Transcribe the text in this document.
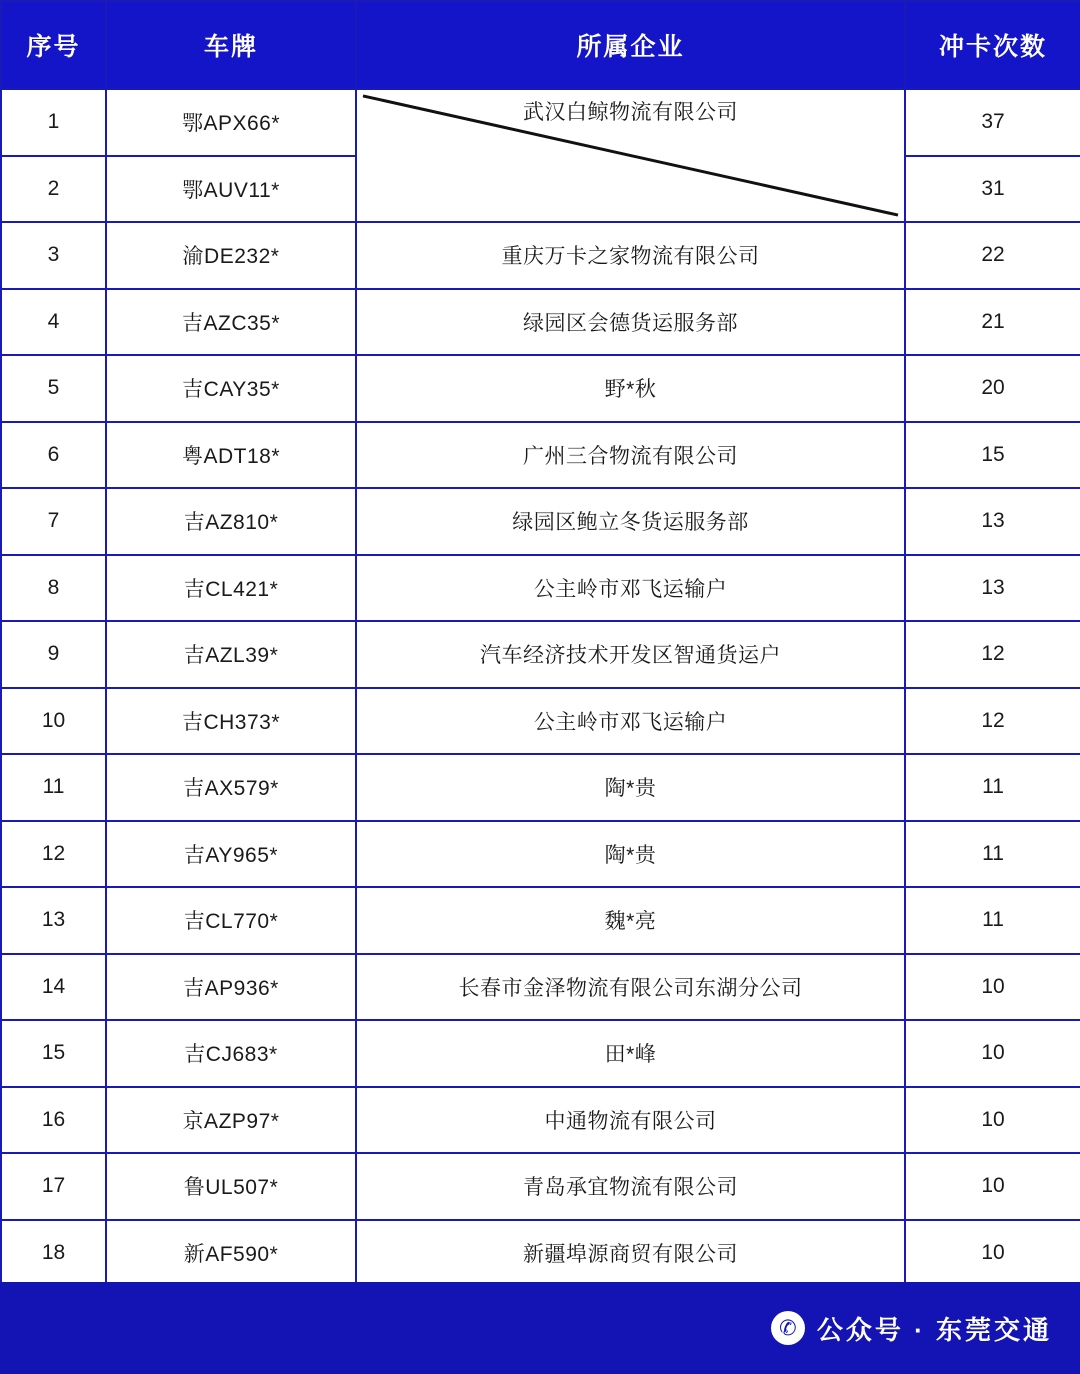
序号	车牌	所属企业	冲卡次数
1	鄂APX66*	武汉白鲸物流有限公司	37
2	鄂AUV11*		31
3	渝DE232*	重庆万卡之家物流有限公司	22
4	吉AZC35*	绿园区会德货运服务部	21
5	吉CAY35*	野*秋	20
6	粤ADT18*	广州三合物流有限公司	15
7	吉AZ810*	绿园区鲍立冬货运服务部	13
8	吉CL421*	公主岭市邓飞运输户	13
9	吉AZL39*	汽车经济技术开发区智通货运户	12
10	吉CH373*	公主岭市邓飞运输户	12
11	吉AX579*	陶*贵	11
12	吉AY965*	陶*贵	11
13	吉CL770*	魏*亮	11
14	吉AP936*	长春市金泽物流有限公司东湖分公司	10
15	吉CJ683*	田*峰	10
16	京AZP97*	中通物流有限公司	10
17	鲁UL507*	青岛承宜物流有限公司	10
18	新AF590*	新疆埠源商贸有限公司	10
✆ 公众号 · 东莞交通
